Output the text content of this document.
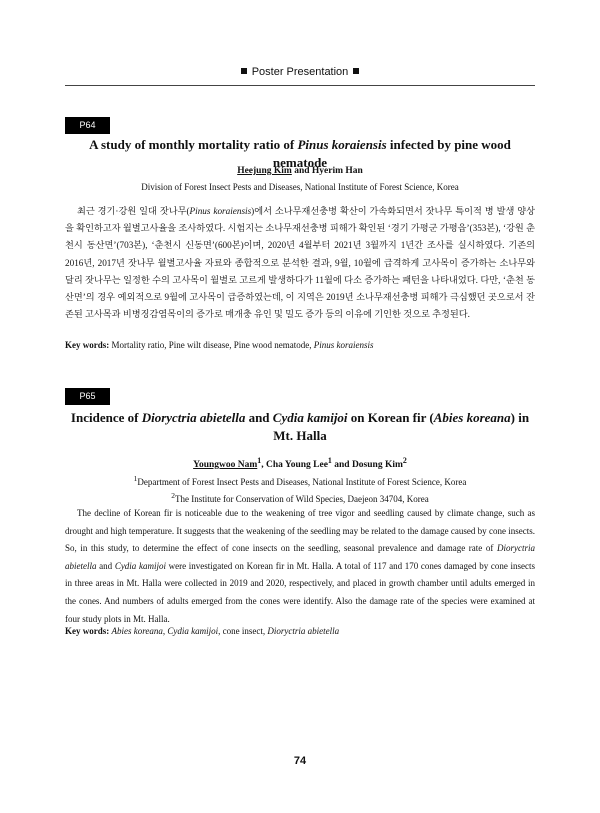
Poster Presentation
P64
A study of monthly mortality ratio of Pinus koraiensis infected by pine wood nematode
Heejung Kim and Hyerim Han
Division of Forest Insect Pests and Diseases, National Institute of Forest Science, Korea
최근 경기·강원 일대 잣나무(Pinus koraiensis)에서 소나무재선충병 확산이 가속화되면서 잣나무 특이적 병 발생 양상을 확인하고자 월별고사율을 조사하였다. 시험지는 소나무재선충병 피해가 확인된 ‘경기 가평군 가평읍’(353본), ‘강원 춘천시 동산면’(703본), ‘춘천시 신동면’(600본)이며, 2020년 4월부터 2021년 3월까지 1년간 조사를 실시하였다. 기존의 2016년, 2017년 잣나무 월별고사율 자료와 종합적으로 분석한 결과, 9월, 10월에 급격하게 고사목이 증가하는 소나무와 달리 잣나무는 일정한 수의 고사목이 월별로 고르게 발생하다가 11월에 다소 증가하는 패턴을 나타내었다. 다만, ‘춘천 동산면’의 경우 예외적으로 9월에 고사목이 급증하였는데, 이 지역은 2019년 소나무재선충병 피해가 극심했던 곳으로서 잔존된 고사목과 비병징감염목이의 증가로 매개충 유인 및 밀도 증가 등의 이유에 기인한 것으로 추정된다.
Key words: Mortality ratio, Pine wilt disease, Pine wood nematode, Pinus koraiensis
P65
Incidence of Dioryctria abietella and Cydia kamijoi on Korean fir (Abies koreana) in
Mt. Halla
Youngwoo Nam$^1$, Cha Young Lee$^1$ and Dosung Kim$^2$
$^1$Department of Forest Insect Pests and Diseases, National Institute of Forest Science, Korea
$^2$The Institute for Conservation of Wild Species, Daejeon 34704, Korea
The decline of Korean fir is noticeable due to the weakening of tree vigor and seedling caused by climate change, such as drought and high temperature. It suggests that the weakening of the seedling may be related to the damage caused by cone insects. So, in this study, to determine the effect of cone insects on the seedling, seasonal prevalence and damage rate of Dioryctria abietella and Cydia kamijoi were investigated on Korean fir in Mt. Halla. A total of 117 and 170 cones damaged by cone insects in three areas in Mt. Halla were collected in 2019 and 2020, respectively, and placed in growth chamber until adults emerged in the cones. And numbers of adults emerged from the cones were identify. Also the damage rate of the species were examined at four study plots in Mt. Halla.
Key words: Abies koreana, Cydia kamijoi, cone insect, Dioryctria abietella
74
